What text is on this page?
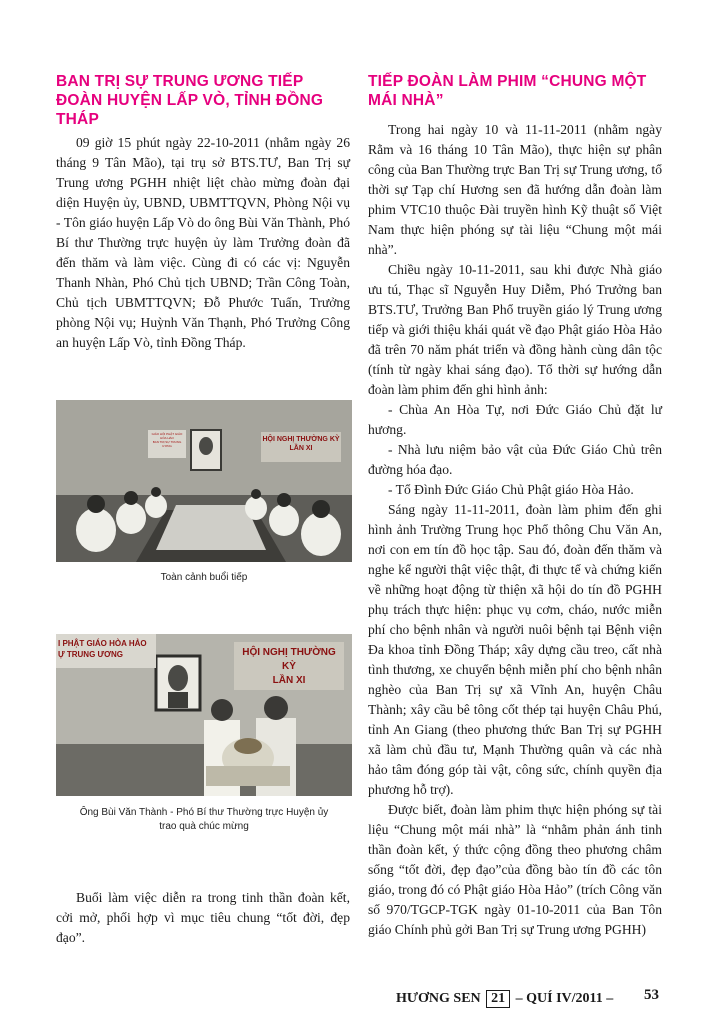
BAN TRỊ SỰ TRUNG ƯƠNG TIẾP ĐOÀN HUYỆN LẤP VÒ, TỈNH ĐỒNG THÁP

09 giờ 15 phút ngày 22-10-2011 (nhằm ngày 26 tháng 9 Tân Mão), tại trụ sở BTS.TƯ, Ban Trị sự Trung ương PGHH nhiệt liệt chào mừng đoàn đại diện Huyện ủy, UBND, UBMTTQVN, Phòng Nội vụ - Tôn giáo huyện Lấp Vò do ông Bùi Văn Thành, Phó Bí thư Thường trực huyện ủy làm Trưởng đoàn đã đến thăm và làm việc. Cùng đi có các vị: Nguyễn Thanh Nhàn, Phó Chủ tịch UBND; Trần Công Toàn, Chủ tịch UBMTTQVN; Đỗ Phước Tuấn, Trưởng phòng Nội vụ; Huỳnh Văn Thạnh, Phó Trưởng Công an huyện Lấp Vò, tỉnh Đồng Tháp.

GIÁO HỘI PHẬT GIÁO HÒA HẢO
BAN TRỊ SỰ TRUNG ƯƠNG
HỘI NGHỊ THƯỜNG KỲ
LẦN XI

Toàn cảnh buổi tiếp

I PHẬT GIÁO HÒA HẢO
Ự TRUNG ƯƠNG	HỘI NGHỊ THƯỜNG KỲ
LẦN XI

Ông Bùi Văn Thành - Phó Bí thư Thường trực Huyện ủy
trao quà chúc mừng

Buổi làm việc diễn ra trong tinh thần đoàn kết, cởi mở, phối hợp vì mục tiêu chung “tốt đời, đẹp đạo”.

TIẾP ĐOÀN LÀM PHIM “CHUNG MỘT MÁI NHÀ”

Trong hai ngày 10 và 11-11-2011 (nhằm ngày Rằm và 16 tháng 10 Tân Mão), thực hiện sự phân công của Ban Thường trực Ban Trị sự Trung ương, tổ thời sự Tạp chí Hương sen đã hướng dẫn đoàn làm phim VTC10 thuộc Đài truyền hình Kỹ thuật số Việt Nam thực hiện phóng sự tài liệu “Chung một mái nhà”.

Chiều ngày 10-11-2011, sau khi được Nhà giáo ưu tú, Thạc sĩ Nguyễn Huy Diễm, Phó Trưởng ban BTS.TƯ, Trưởng Ban Phổ truyền giáo lý Trung ương tiếp và giới thiệu khái quát về đạo Phật giáo Hòa Hảo đã trên 70 năm phát triển và đồng hành cùng dân tộc (tính từ ngày khai sáng đạo). Tổ thời sự hướng dẫn đoàn làm phim đến ghi hình ảnh:

- Chùa An Hòa Tự, nơi Đức Giáo Chủ đặt lư hương.

- Nhà lưu niệm bảo vật của Đức Giáo Chủ trên đường hóa đạo.

- Tổ Đình Đức Giáo Chủ Phật giáo Hòa Hảo.

Sáng ngày 11-11-2011, đoàn làm phim đến ghi hình ảnh Trường Trung học Phổ thông Chu Văn An, nơi con em tín đồ học tập. Sau đó, đoàn đến thăm và nghe kể người thật việc thật, đi thực tế và chứng kiến về những hoạt động từ thiện xã hội do tín đồ PGHH phụ trách thực hiện: phục vụ cơm, cháo, nước miễn phí cho bệnh nhân và người nuôi bệnh tại Bệnh viện Đa khoa tỉnh Đồng Tháp; xây dựng cầu treo, cất nhà tình thương, xe chuyển bệnh miễn phí cho bệnh nhân nghèo của Ban Trị sự xã Vĩnh An, huyện Châu Thành; xây cầu bê tông cốt thép tại huyện Châu Phú, tỉnh An Giang (theo phương thức Ban Trị sự PGHH xã làm chủ đầu tư, Mạnh Thường quân và các nhà hảo tâm đóng góp tài vật, công sức, chính quyền địa phương hỗ trợ).

Được biết, đoàn làm phim thực hiện phóng sự tài liệu “Chung một mái nhà” là “nhằm phản ánh tinh thần đoàn kết, ý thức cộng đồng theo phương châm sống “tốt đời, đẹp đạo”của đồng bào tín đồ các tôn giáo, trong đó có Phật giáo Hòa Hảo” (trích Công văn số 970/TGCP-TGK ngày 01-10-2011 của Ban Tôn giáo Chính phủ gởi Ban Trị sự Trung ương PGHH)

HƯƠNG SEN 21 – QUÍ IV/2011 – 53
